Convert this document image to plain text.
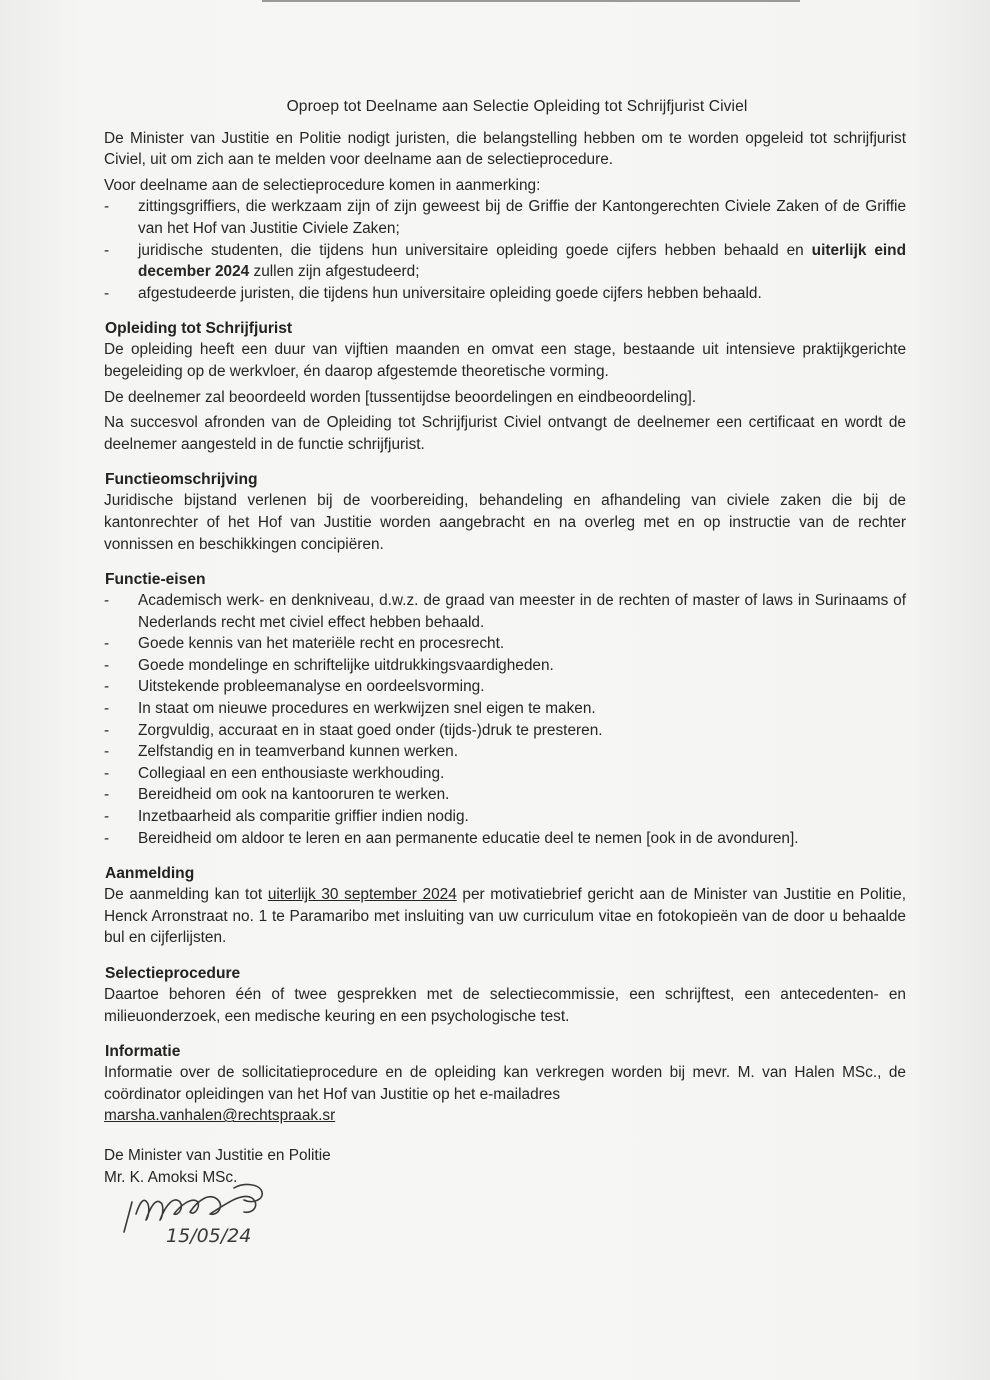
Oproep tot Deelname aan Selectie Opleiding tot Schrijfjurist Civiel

De Minister van Justitie en Politie nodigt juristen, die belangstelling hebben om te worden opgeleid tot schrijfjurist Civiel, uit om zich aan te melden voor deelname aan de selectieprocedure.

Voor deelname aan de selectieprocedure komen in aanmerking:

-	zittingsgriffiers, die werkzaam zijn of zijn geweest bij de Griffie der Kantongerechten Civiele Zaken of de Griffie van het Hof van Justitie Civiele Zaken;
-	juridische studenten, die tijdens hun universitaire opleiding goede cijfers hebben behaald en uiterlijk eind december 2024 zullen zijn afgestudeerd;
-	afgestudeerde juristen, die tijdens hun universitaire opleiding goede cijfers hebben behaald.
Opleiding tot Schrijfjurist

De opleiding heeft een duur van vijftien maanden en omvat een stage, bestaande uit intensieve praktijkgerichte begeleiding op de werkvloer, én daarop afgestemde theoretische vorming.

De deelnemer zal beoordeeld worden [tussentijdse beoordelingen en eindbeoordeling].

Na succesvol afronden van de Opleiding tot Schrijfjurist Civiel ontvangt de deelnemer een certificaat en wordt de deelnemer aangesteld in de functie schrijfjurist.

Functieomschrijving

Juridische bijstand verlenen bij de voorbereiding, behandeling en afhandeling van civiele zaken die bij de kantonrechter of het Hof van Justitie worden aangebracht en na overleg met en op instructie van de rechter vonnissen en beschikkingen concipiëren.

Functie-eisen
-	Academisch werk- en denkniveau, d.w.z. de graad van meester in de rechten of master of laws in Surinaams of Nederlands recht met civiel effect hebben behaald.
-	Goede kennis van het materiële recht en procesrecht.
-	Goede mondelinge en schriftelijke uitdrukkingsvaardigheden.
-	Uitstekende probleemanalyse en oordeelsvorming.
-	In staat om nieuwe procedures en werkwijzen snel eigen te maken.
-	Zorgvuldig, accuraat en in staat goed onder (tijds-)druk te presteren.
-	Zelfstandig en in teamverband kunnen werken.
-	Collegiaal en een enthousiaste werkhouding.
-	Bereidheid om ook na kantooruren te werken.
-	Inzetbaarheid als comparitie griffier indien nodig.
-	Bereidheid om aldoor te leren en aan permanente educatie deel te nemen [ook in de avonduren].
Aanmelding

De aanmelding kan tot uiterlijk 30 september 2024 per motivatiebrief gericht aan de Minister van Justitie en Politie, Henck Arronstraat no. 1 te Paramaribo met insluiting van uw curriculum vitae en fotokopieën van de door u behaalde bul en cijferlijsten.

Selectieprocedure

Daartoe behoren één of twee gesprekken met de selectiecommissie, een schrijftest, een antecedenten- en milieuonderzoek, een medische keuring en een psychologische test.

Informatie

Informatie over de sollicitatieprocedure en de opleiding kan verkregen worden bij mevr. M. van Halen MSc., de coördinator opleidingen van het Hof van Justitie op het e-mailadres

marsha.vanhalen@rechtspraak.sr
De Minister van Justitie en Politie
Mr. K. Amoksi MSc.
15/05/24
